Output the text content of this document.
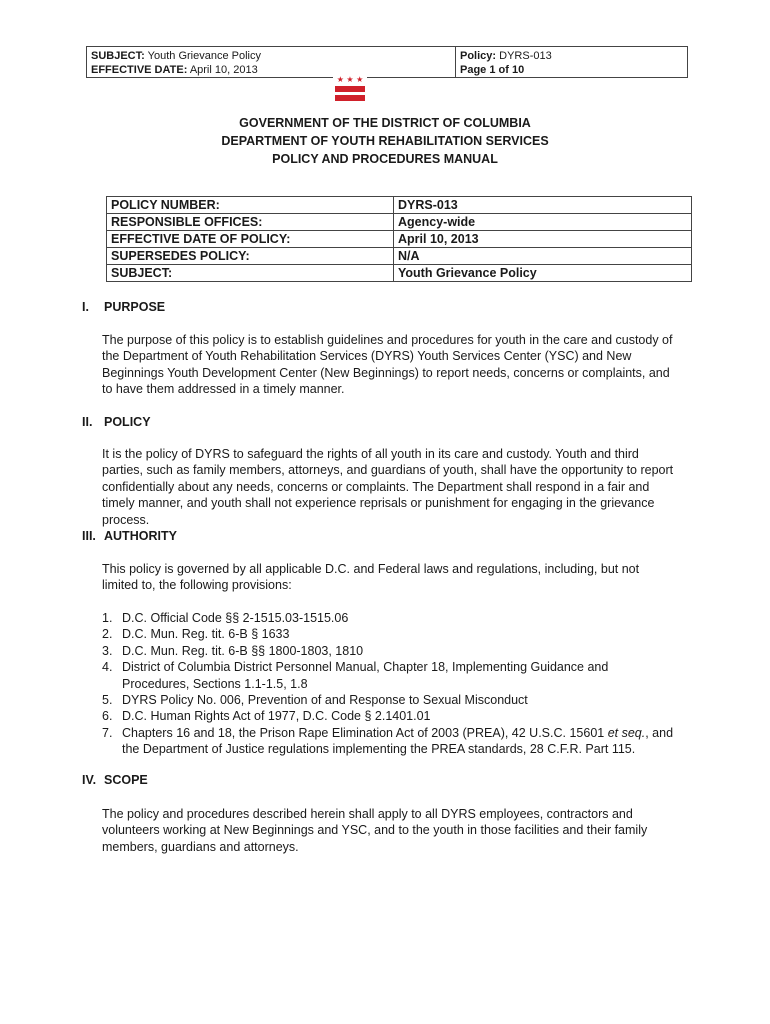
SUBJECT: Youth Grievance Policy
EFFECTIVE DATE: April 10, 2013
Policy: DYRS-013
Page 1 of 10
★ ★ ★
GOVERNMENT OF THE DISTRICT OF COLUMBIA
DEPARTMENT OF YOUTH REHABILITATION SERVICES
POLICY AND PROCEDURES MANUAL
POLICY NUMBER:	DYRS-013
RESPONSIBLE OFFICES:	Agency-wide
EFFECTIVE DATE OF POLICY:	April 10, 2013
SUPERSEDES POLICY:	N/A
SUBJECT:	Youth Grievance Policy
I. PURPOSE
The purpose of this policy is to establish guidelines and procedures for youth in the care and custody of the Department of Youth Rehabilitation Services (DYRS) Youth Services Center (YSC) and New Beginnings Youth Development Center (New Beginnings) to report needs, concerns or complaints, and to have them addressed in a timely manner.
II. POLICY
It is the policy of DYRS to safeguard the rights of all youth in its care and custody. Youth and third parties, such as family members, attorneys, and guardians of youth, shall have the opportunity to report confidentially about any needs, concerns or complaints. The Department shall respond in a fair and timely manner, and youth shall not experience reprisals or punishment for engaging in the grievance process.
III. AUTHORITY
This policy is governed by all applicable D.C. and Federal laws and regulations, including, but not limited to, the following provisions:
1. D.C. Official Code §§ 2-1515.03-1515.06
2. D.C. Mun. Reg. tit. 6-B § 1633
3. D.C. Mun. Reg. tit. 6-B §§ 1800-1803, 1810
4. District of Columbia District Personnel Manual, Chapter 18, Implementing Guidance and Procedures, Sections 1.1-1.5, 1.8
5. DYRS Policy No. 006, Prevention of and Response to Sexual Misconduct
6. D.C. Human Rights Act of 1977, D.C. Code § 2.1401.01
7. Chapters 16 and 18, the Prison Rape Elimination Act of 2003 (PREA), 42 U.S.C. 15601 et seq., and the Department of Justice regulations implementing the PREA standards, 28 C.F.R. Part 115.
IV. SCOPE
The policy and procedures described herein shall apply to all DYRS employees, contractors and volunteers working at New Beginnings and YSC, and to the youth in those facilities and their family members, guardians and attorneys.
